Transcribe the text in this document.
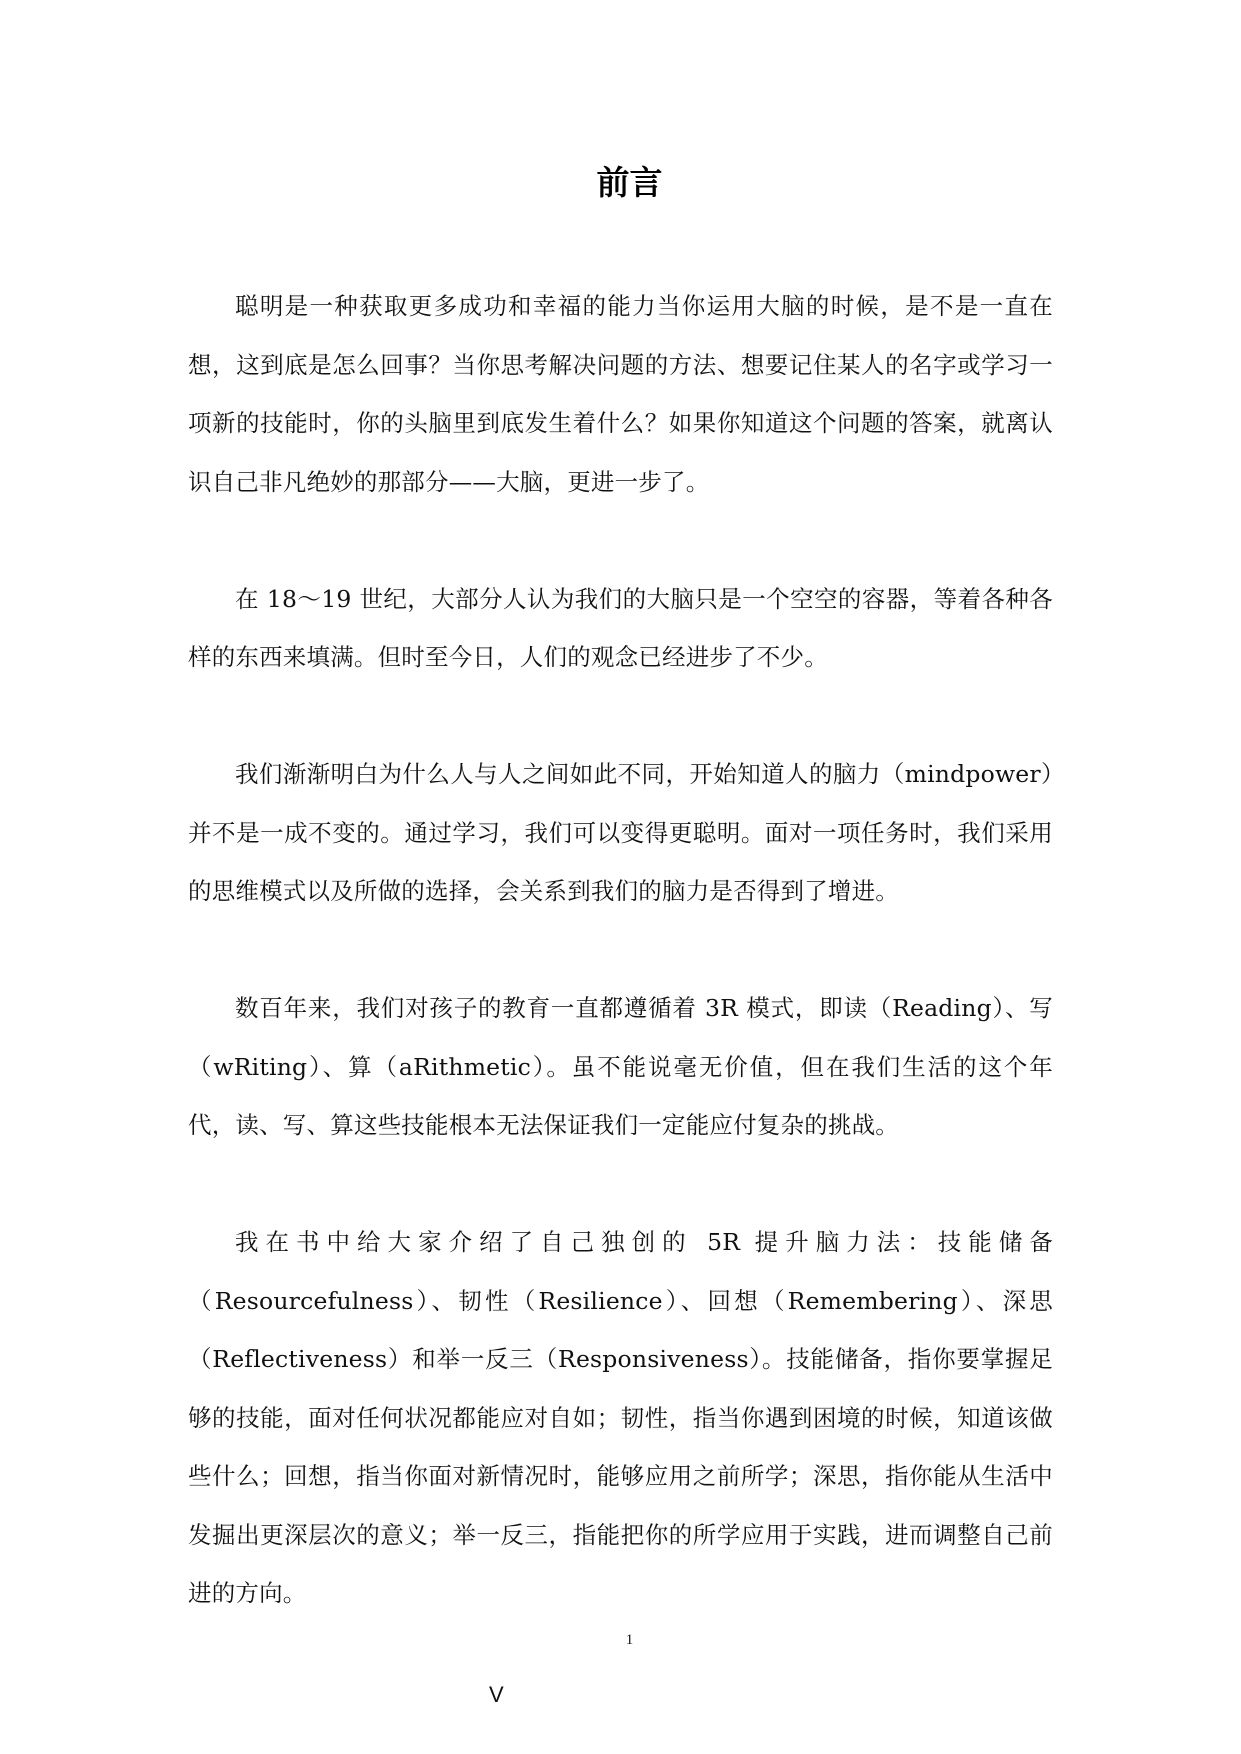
前言

聪明是一种获取更多成功和幸福的能力当你运用大脑的时候，是不是一直在想，这到底是怎么回事？当你思考解决问题的方法、想要记住某人的名字或学习一项新的技能时，你的头脑里到底发生着什么？如果你知道这个问题的答案，就离认识自己非凡绝妙的那部分——大脑，更进一步了。

在 18～19 世纪，大部分人认为我们的大脑只是一个空空的容器，等着各种各样的东西来填满。但时至今日，人们的观念已经进步了不少。

我们渐渐明白为什么人与人之间如此不同，开始知道人的脑力（mindpower）并不是一成不变的。通过学习，我们可以变得更聪明。面对一项任务时，我们采用的思维模式以及所做的选择，会关系到我们的脑力是否得到了增进。

数百年来，我们对孩子的教育一直都遵循着 3R 模式，即读（Reading）、写（wRiting）、算（aRithmetic）。虽不能说毫无价值，但在我们生活的这个年代，读、写、算这些技能根本无法保证我们一定能应付复杂的挑战。

我在书中给大家介绍了自己独创的 5R 提升脑力法：技能储备（Resourcefulness）、韧性（Resilience）、回想（Remembering）、深思（Reflectiveness）和举一反三（Responsiveness）。技能储备，指你要掌握足够的技能，面对任何状况都能应对自如；韧性，指当你遇到困境的时候，知道该做些什么；回想，指当你面对新情况时，能够应用之前所学；深思，指你能从生活中发掘出更深层次的意义；举一反三，指能把你的所学应用于实践，进而调整自己前进的方向。

1
V
